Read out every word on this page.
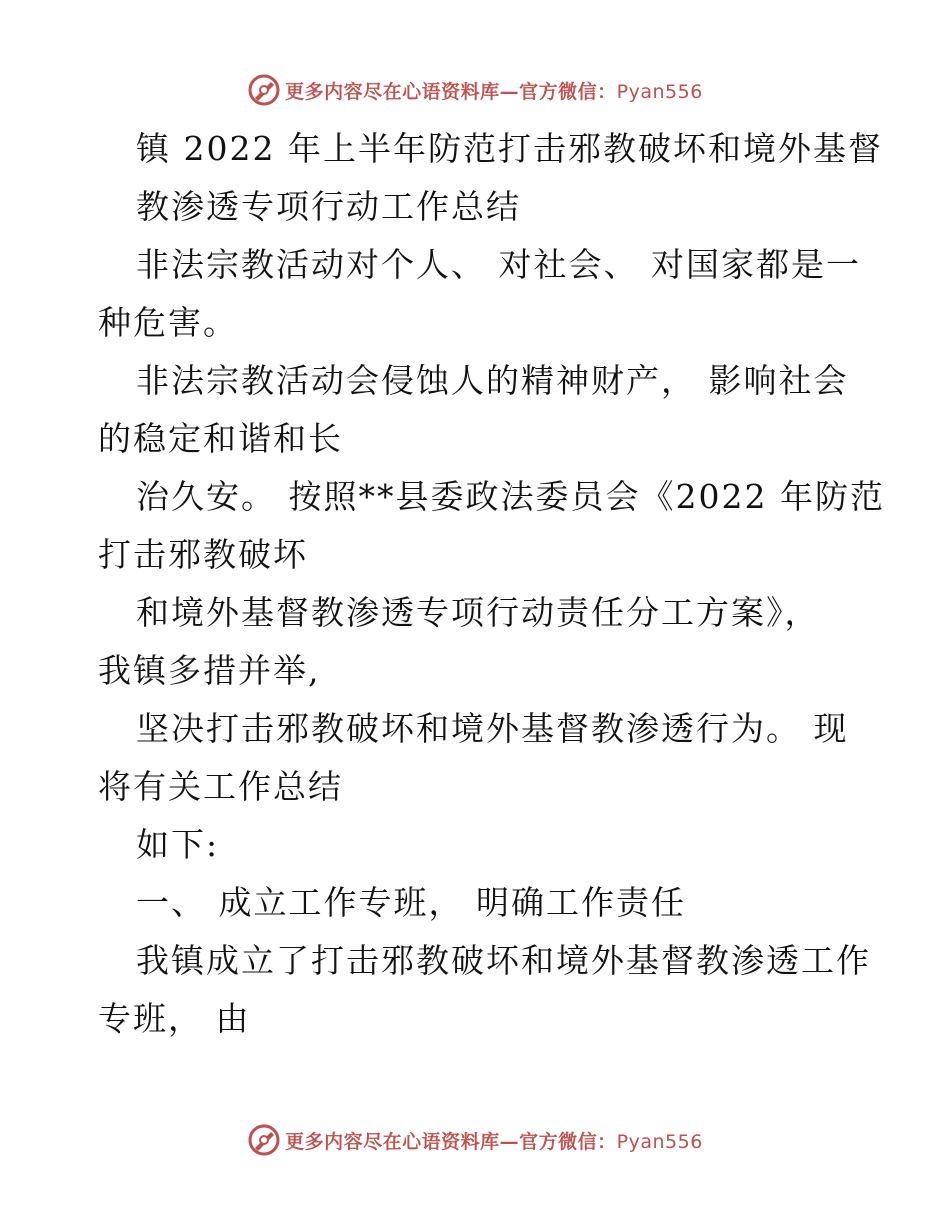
更多内容尽在心语资料库—官方微信：Pyan556
镇 2022 年上半年防范打击邪教破坏和境外基督
教渗透专项行动工作总结
非法宗教活动对个人、 对社会、 对国家都是一
种危害。
非法宗教活动会侵蚀人的精神财产， 影响社会
的稳定和谐和长
治久安。 按照**县委政法委员会《2022 年防范
打击邪教破坏
和境外基督教渗透专项行动责任分工方案》，
我镇多措并举,
坚决打击邪教破坏和境外基督教渗透行为。 现
将有关工作总结
如下:
一、 成立工作专班， 明确工作责任
我镇成立了打击邪教破坏和境外基督教渗透工作
专班， 由
更多内容尽在心语资料库—官方微信：Pyan556
